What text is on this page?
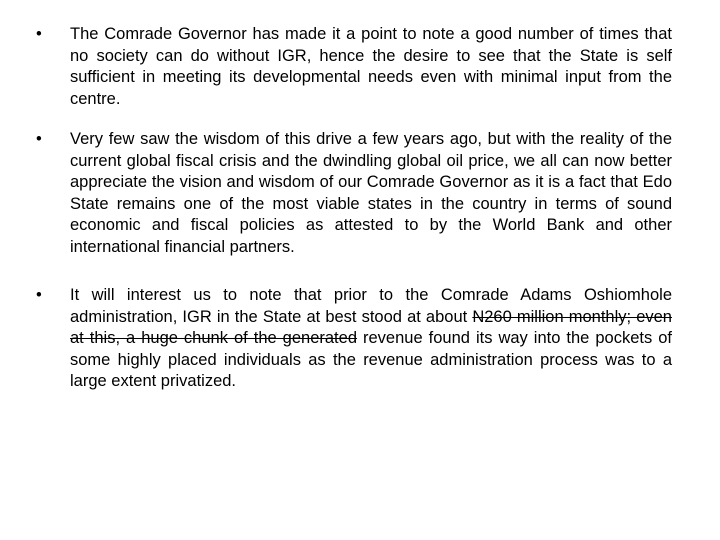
•	The Comrade Governor has made it a point to note a good number of times that no society can do without IGR, hence the desire to see that the State is self sufficient in meeting its developmental needs even with minimal input from the centre.
•	Very few saw the wisdom of this drive a few years ago, but with the reality of the current global fiscal crisis and the dwindling global oil price, we all can now better appreciate the vision and wisdom of our Comrade Governor as it is a fact that Edo State remains one of the most viable states in the country in terms of sound economic and fiscal policies as attested to by the World Bank and other international financial partners.
•	It will interest us to note that prior to the Comrade Adams Oshiomhole administration, IGR in the State at best stood at about N260 million monthly; even at this, a huge chunk of the generated revenue found its way into the pockets of some highly placed individuals as the revenue administration process was to a large extent privatized.
